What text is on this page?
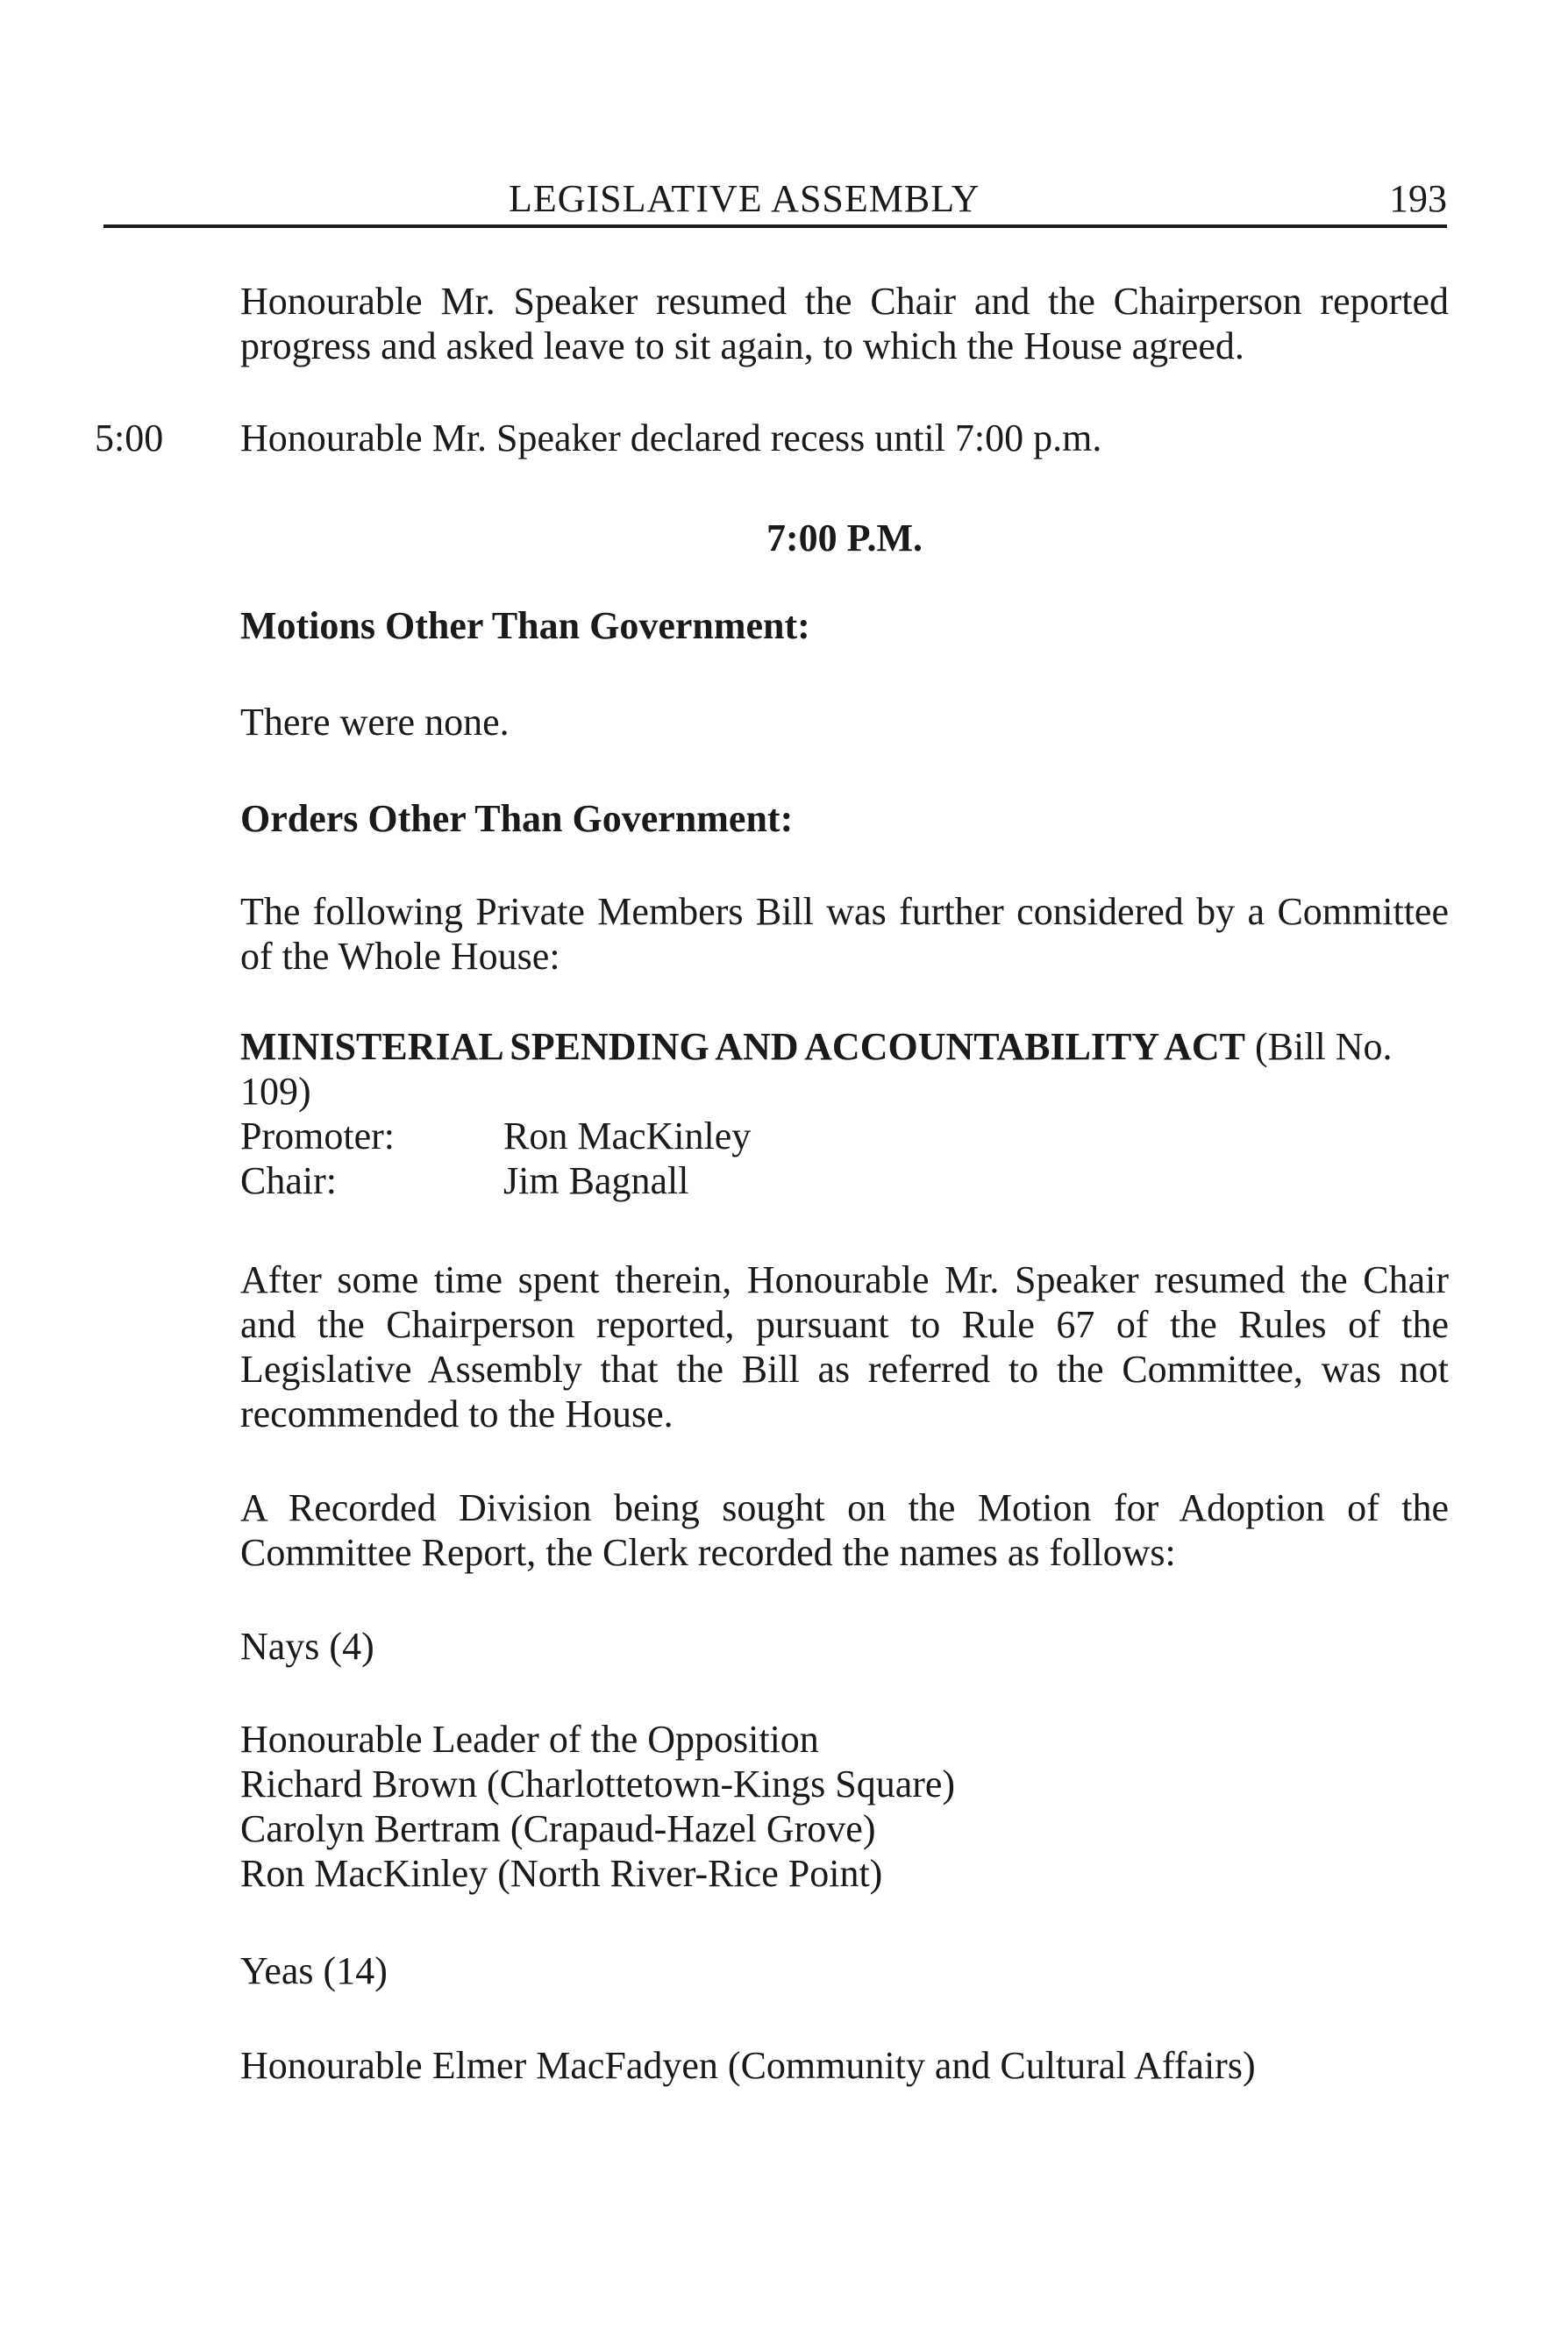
LEGISLATIVE ASSEMBLY	193
Honourable Mr. Speaker resumed the Chair and the Chairperson reported progress and asked leave to sit again, to which the House agreed.
5:00 Honourable Mr. Speaker declared recess until 7:00 p.m.
7:00 P.M.
Motions Other Than Government:
There were none.
Orders Other Than Government:
The following Private Members Bill was further considered by a Committee of the Whole House:
MINISTERIAL SPENDING AND ACCOUNTABILITY ACT (Bill No. 109)
Promoter:	Ron MacKinley
Chair:	Jim Bagnall
After some time spent therein, Honourable Mr. Speaker resumed the Chair and the Chairperson reported, pursuant to Rule 67 of the Rules of the Legislative Assembly that the Bill as referred to the Committee, was not recommended to the House.
A Recorded Division being sought on the Motion for Adoption of the Committee Report, the Clerk recorded the names as follows:
Nays (4)
Honourable Leader of the Opposition
Richard Brown (Charlottetown-Kings Square)
Carolyn Bertram (Crapaud-Hazel Grove)
Ron MacKinley (North River-Rice Point)
Yeas (14)
Honourable Elmer MacFadyen (Community and Cultural Affairs)
